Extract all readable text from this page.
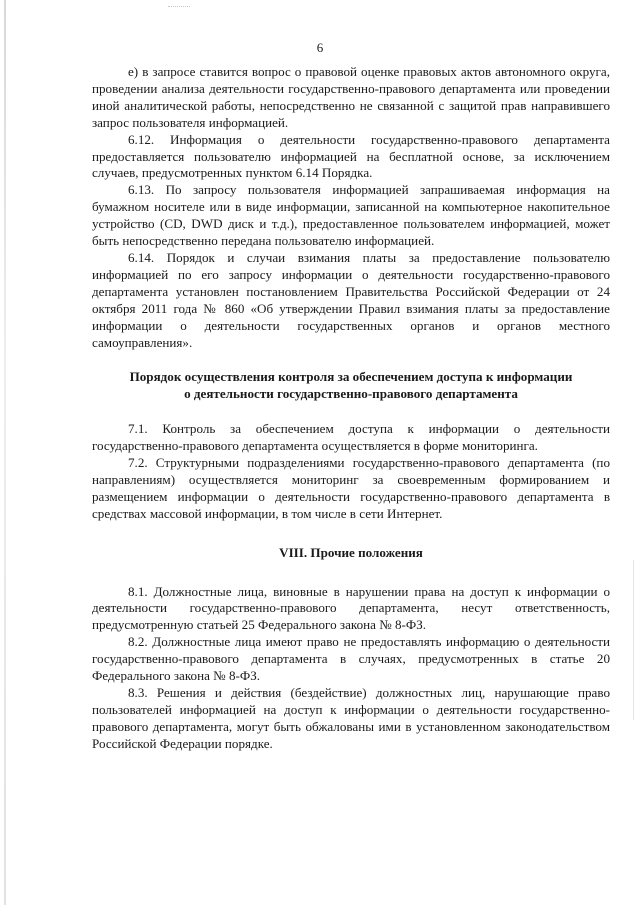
6

е) в запросе ставится вопрос о правовой оценке правовых актов автономного округа, проведении анализа деятельности государственно-правового департамента или проведении иной аналитической работы, непосредственно не связанной с защитой прав направившего запрос пользователя информацией.

6.12. Информация о деятельности государственно-правового департамента предоставляется пользователю информацией на бесплатной основе, за исключением случаев, предусмотренных пунктом 6.14 Порядка.

6.13. По запросу пользователя информацией запрашиваемая информация на бумажном носителе или в виде информации, записанной на компьютерное накопительное устройство (CD, DWD диск и т.д.), предоставленное пользователем информацией, может быть непосредственно передана пользователю информацией.

6.14. Порядок и случаи взимания платы за предоставление пользователю информацией по его запросу информации о деятельности государственно-правового департамента установлен постановлением Правительства Российской Федерации от 24 октября 2011 года № 860 «Об утверждении Правил взимания платы за предоставление информации о деятельности государственных органов и органов местного самоуправления».

Порядок осуществления контроля за обеспечением доступа к информации
о деятельности государственно-правового департамента

7.1. Контроль за обеспечением доступа к информации о деятельности государственно-правового департамента осуществляется в форме мониторинга.

7.2. Структурными подразделениями государственно-правового департамента (по направлениям) осуществляется мониторинг за своевременным формированием и размещением информации о деятельности государственно-правового департамента в средствах массовой информации, в том числе в сети Интернет.

VIII. Прочие положения

8.1. Должностные лица, виновные в нарушении права на доступ к информации о деятельности государственно-правового департамента, несут ответственность, предусмотренную статьей 25 Федерального закона № 8-ФЗ.

8.2. Должностные лица имеют право не предоставлять информацию о деятельности государственно-правового департамента в случаях, предусмотренных в статье 20 Федерального закона № 8-ФЗ.

8.3. Решения и действия (бездействие) должностных лиц, нарушающие право пользователей информацией на доступ к информации о деятельности государственно-правового департамента, могут быть обжалованы ими в установленном законодательством Российской Федерации порядке.
